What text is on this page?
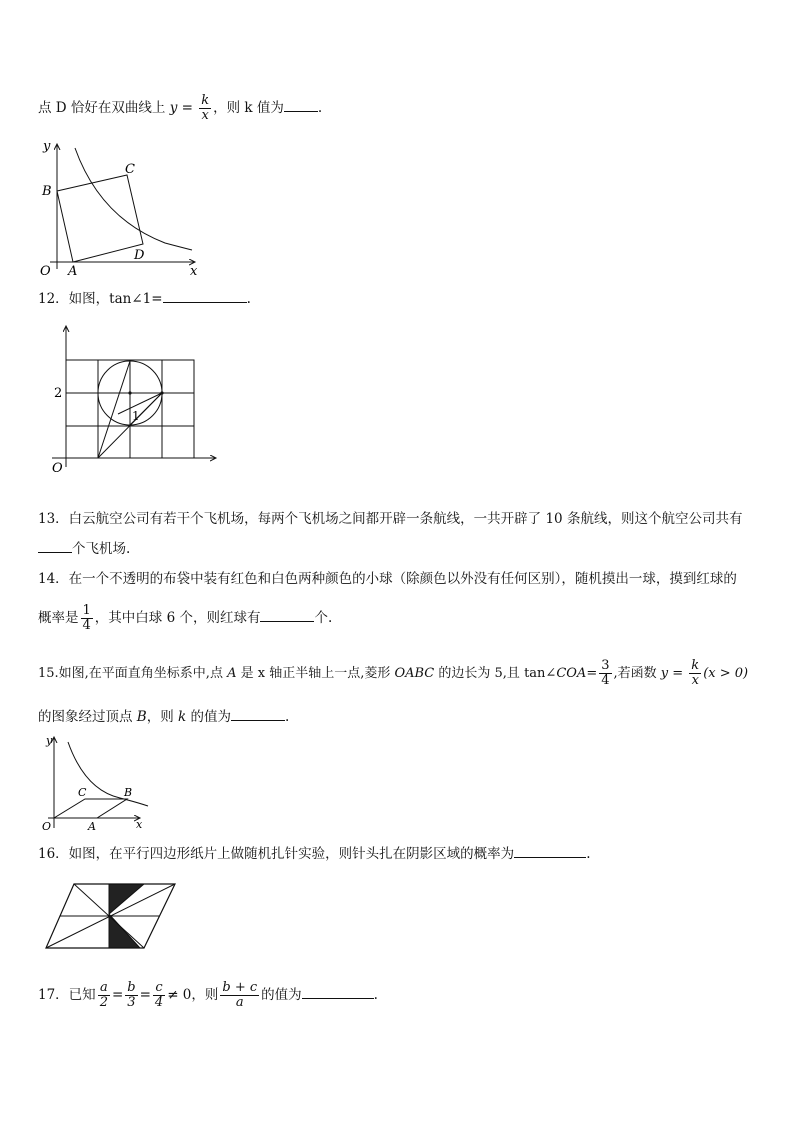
点 D 恰好在双曲线上 $y = \frac{k}{x}$ ，则 k 值为	.
y
x
O A
B
C
D
12．如图，tan∠1=	.
2
O
1
13．白云航空公司有若干个飞机场，每两个飞机场之间都开辟一条航线，一共开辟了 10 条航线，则这个航空公司共有
个飞机场.
14．在一个不透明的布袋中装有红色和白色两种颜色的小球（除颜色以外没有任何区别），随机摸出一球，摸到红球的
概率是 $\frac{1}{4}$ ，其中白球 6 个，则红球有	个.
15.如图,在平面直角坐标系中,点 A 是 x 轴正半轴上一点,菱形 OABC 的边长为 5,且 tan∠COA= $\frac{3}{4}$ ,若函数 $y = \frac{k}{x} (x > 0)$
的图象经过顶点 B，则 k 的值为	.
y
x
O	A
B
C
16．如图，在平行四边形纸片上做随机扎针实验，则针头扎在阴影区域的概率为	.
17．已知 $\frac{a}{2} = \frac{b}{3} = \frac{c}{4} \ne 0$，则 $\frac{b + c}{a}$ 的值为	.
